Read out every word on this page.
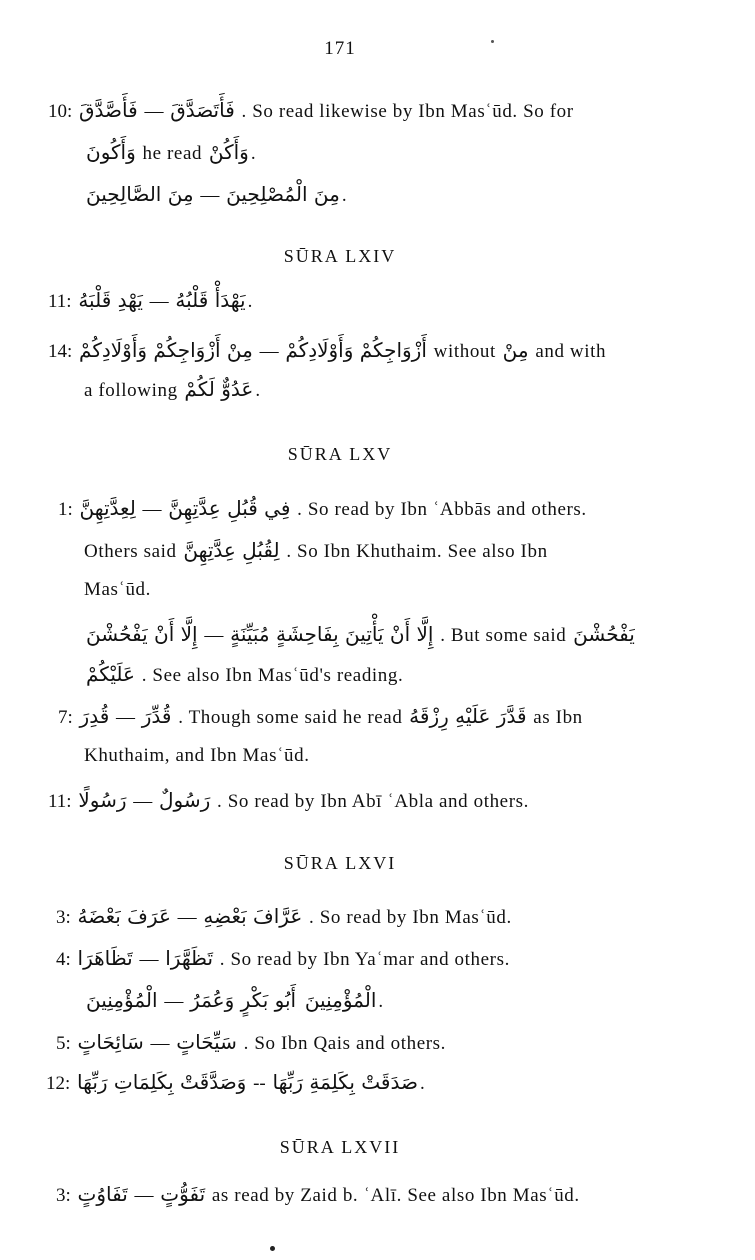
171
10: فَأَصَّدَّقَ — فَأَتَصَدَّقَ . So read likewise by Ibn Masʿūd. So for
وَأَكُونَ he read وَأَكُنْ .
مِنَ الصَّالِحِينَ — مِنَ الْمُصْلِحِينَ .
SŪRA LXIV
11: يَهْدِ قَلْبَهُ — يَهْدَأْ قَلْبُهُ .
14: مِنْ أَزْوَاجِكُمْ وَأَوْلَادِكُمْ — أَزْوَاجِكُمْ وَأَوْلَادِكُمْ without مِنْ and with
a following عَدُوٌّ لَكُمْ .
SŪRA LXV
1: لِعِدَّتِهِنَّ — فِي قُبُلِ عِدَّتِهِنَّ . So read by Ibn ʿAbbās and others.
Others said لِقُبُلِ عِدَّتِهِنَّ . So Ibn Khuthaim. See also Ibn
Masʿūd.
إِلَّا أَنْ يَفْحُشْنَ — إِلَّا أَنْ يَأْتِينَ بِفَاحِشَةٍ مُبَيِّنَةٍ . But some said يَفْحُشْنَ
عَلَيْكُمْ . See also Ibn Masʿūd's reading.
7: قُدِرَ — قُدِّرَ . Though some said he read قَدَّرَ عَلَيْهِ رِزْقَهُ as Ibn
Khuthaim, and Ibn Masʿūd.
11: رَسُولًا — رَسُولٌ . So read by Ibn Abī ʿAbla and others.
SŪRA LXVI
3: عَرَفَ بَعْضَهُ — عَرَّافَ بَعْضِهِ . So read by Ibn Masʿūd.
4: تَظَاهَرَا — تَظَهَّرَا . So read by Ibn Yaʿmar and others.
الْمُؤْمِنِينَ — أَبُو بَكْرٍ وَعُمَرُ الْمُؤْمِنِينَ .
5: سَائِحَاتٍ — سَيِّحَاتٍ . So Ibn Qais and others.
12: وَصَدَّقَتْ بِكَلِمَاتِ رَبِّهَا -- صَدَقَتْ بِكَلِمَةِ رَبِّهَا .
SŪRA LXVII
3: تَفَاوُتٍ — تَفَوُّتٍ as read by Zaid b. ʿAlī. See also Ibn Masʿūd.
